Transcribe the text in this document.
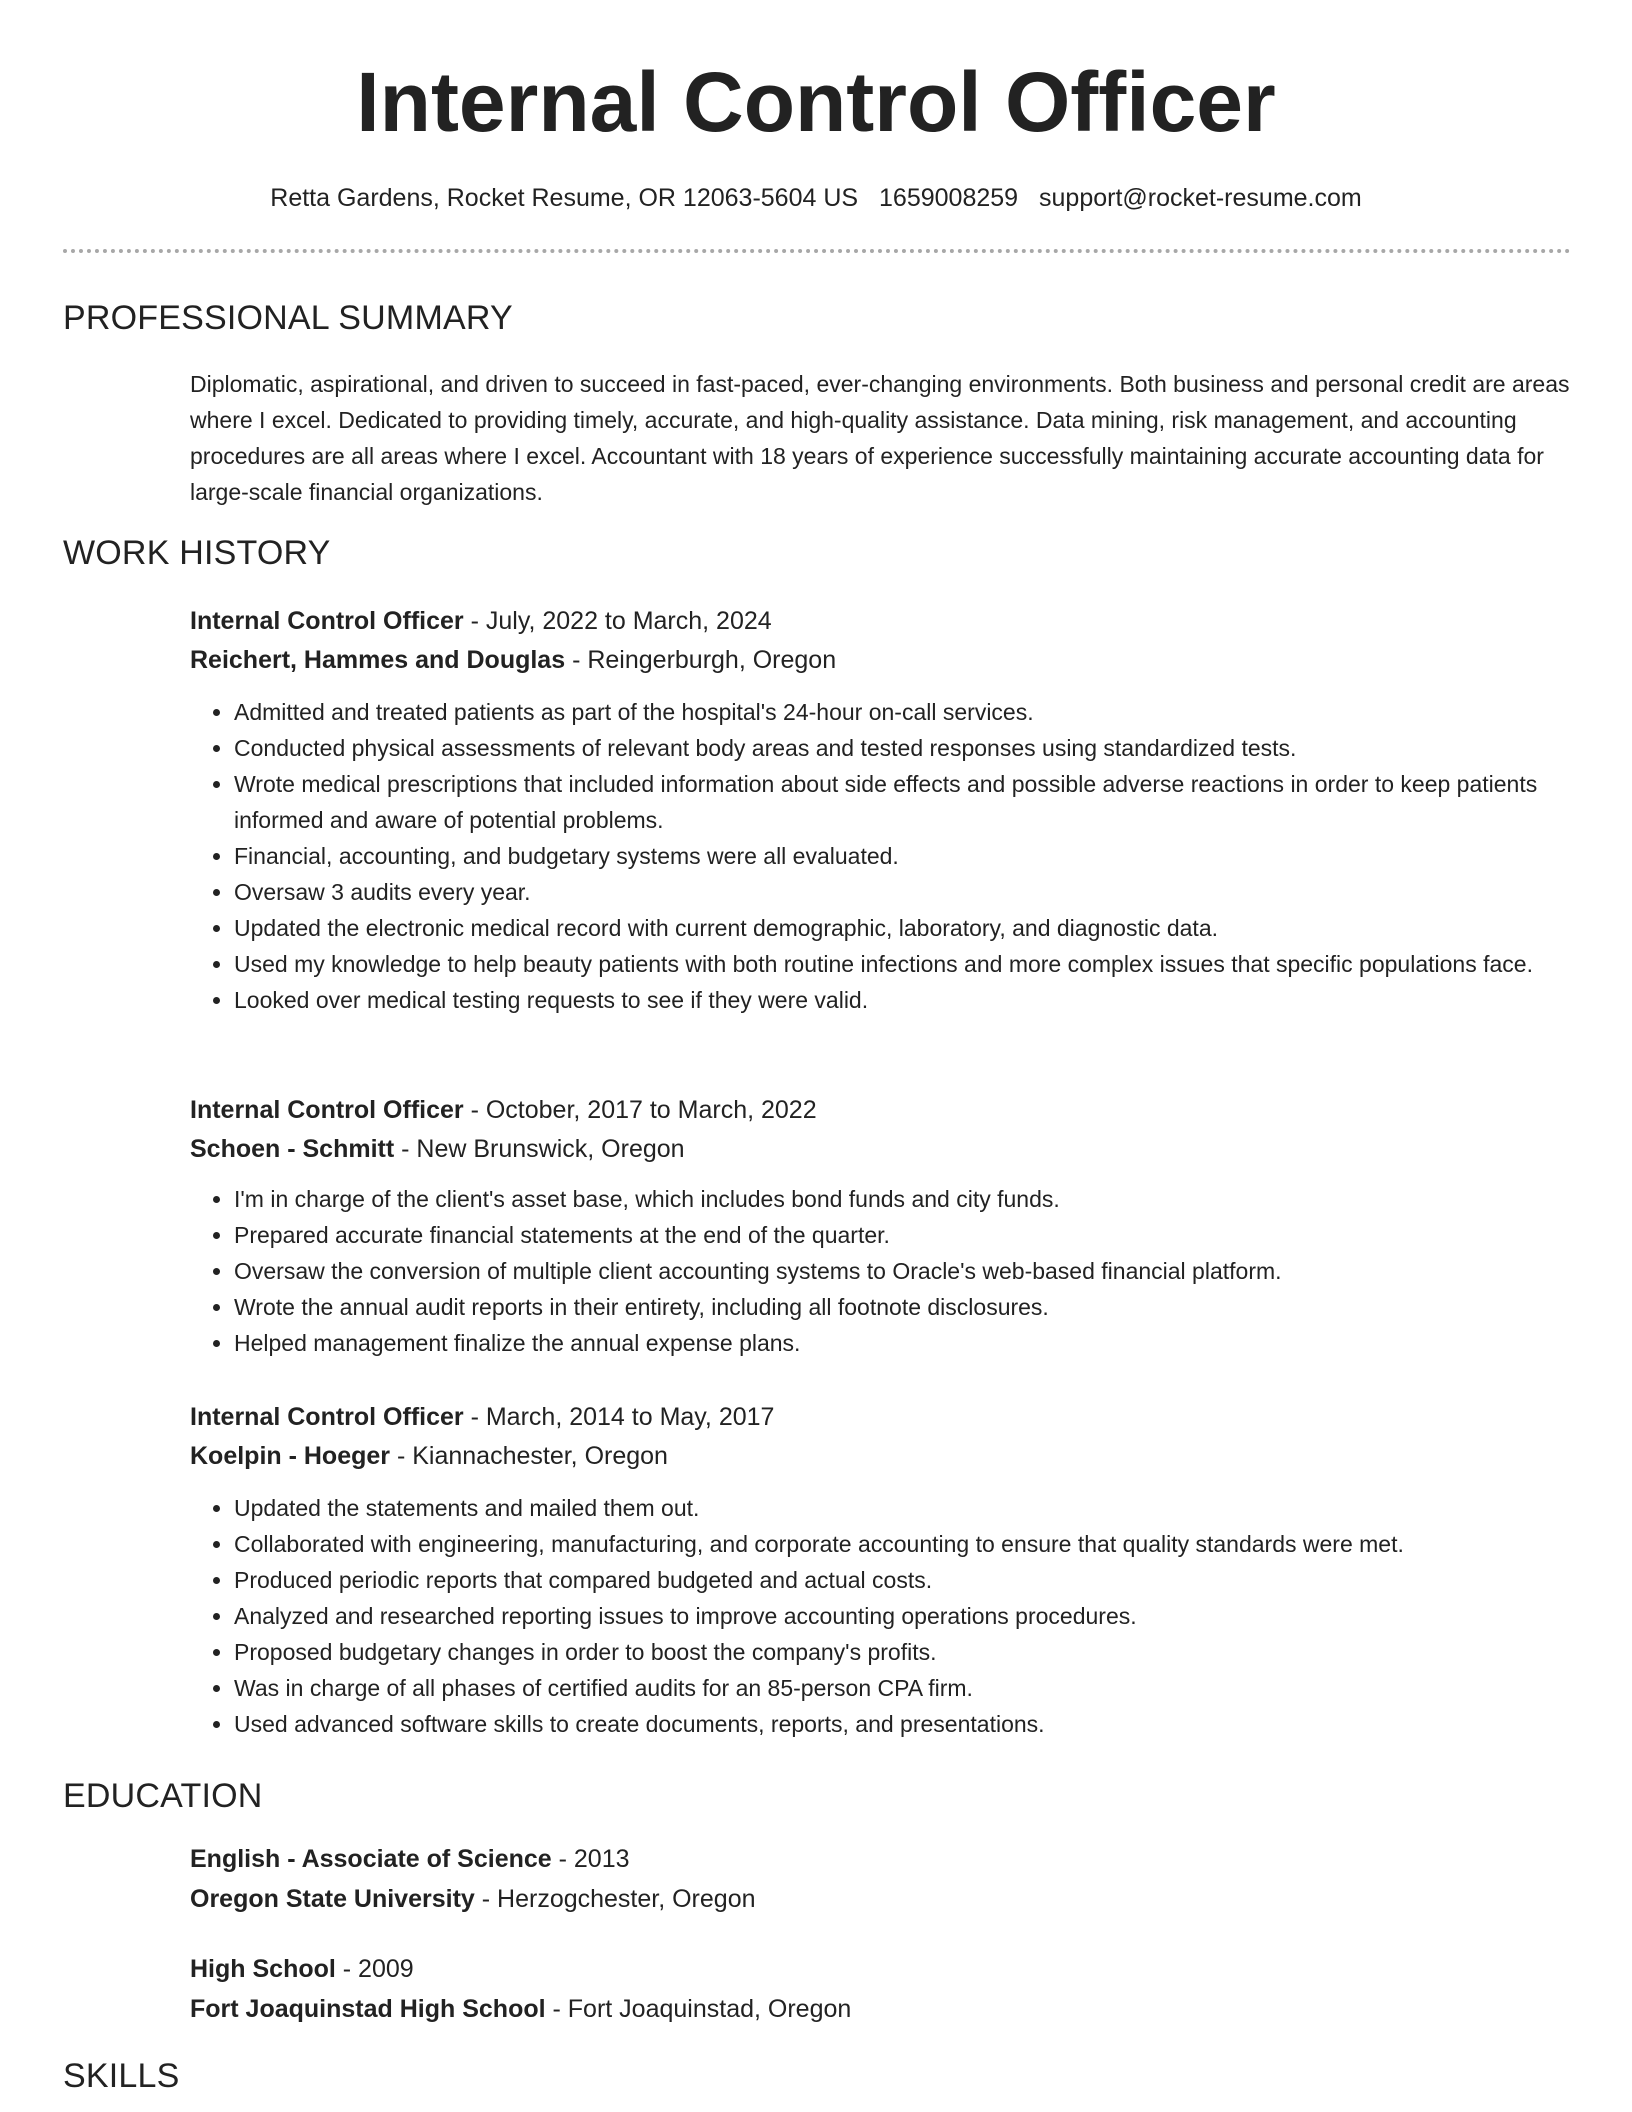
Internal Control Officer
Retta Gardens, Rocket Resume, OR 12063-5604 US 1659008259 support@rocket-resume.com
PROFESSIONAL SUMMARY

Diplomatic, aspirational, and driven to succeed in fast-paced, ever-changing environments. Both business and personal credit are areas where I excel. Dedicated to providing timely, accurate, and high-quality assistance. Data mining, risk management, and accounting procedures are all areas where I excel. Accountant with 18 years of experience successfully maintaining accurate accounting data for large-scale financial organizations.

WORK HISTORY
Internal Control Officer - July, 2022 to March, 2024
Reichert, Hammes and Douglas - Reingerburgh, Oregon
• Admitted and treated patients as part of the hospital's 24-hour on-call services.
• Conducted physical assessments of relevant body areas and tested responses using standardized tests.
• Wrote medical prescriptions that included information about side effects and possible adverse reactions in order to keep patients informed and aware of potential problems.
• Financial, accounting, and budgetary systems were all evaluated.
• Oversaw 3 audits every year.
• Updated the electronic medical record with current demographic, laboratory, and diagnostic data.
• Used my knowledge to help beauty patients with both routine infections and more complex issues that specific populations face.
• Looked over medical testing requests to see if they were valid.
Internal Control Officer - October, 2017 to March, 2022
Schoen - Schmitt - New Brunswick, Oregon
• I'm in charge of the client's asset base, which includes bond funds and city funds.
• Prepared accurate financial statements at the end of the quarter.
• Oversaw the conversion of multiple client accounting systems to Oracle's web-based financial platform.
• Wrote the annual audit reports in their entirety, including all footnote disclosures.
• Helped management finalize the annual expense plans.
Internal Control Officer - March, 2014 to May, 2017
Koelpin - Hoeger - Kiannachester, Oregon
• Updated the statements and mailed them out.
• Collaborated with engineering, manufacturing, and corporate accounting to ensure that quality standards were met.
• Produced periodic reports that compared budgeted and actual costs.
• Analyzed and researched reporting issues to improve accounting operations procedures.
• Proposed budgetary changes in order to boost the company's profits.
• Was in charge of all phases of certified audits for an 85-person CPA firm.
• Used advanced software skills to create documents, reports, and presentations.
EDUCATION
English - Associate of Science - 2013
Oregon State University - Herzogchester, Oregon
High School - 2009
Fort Joaquinstad High School - Fort Joaquinstad, Oregon
SKILLS
